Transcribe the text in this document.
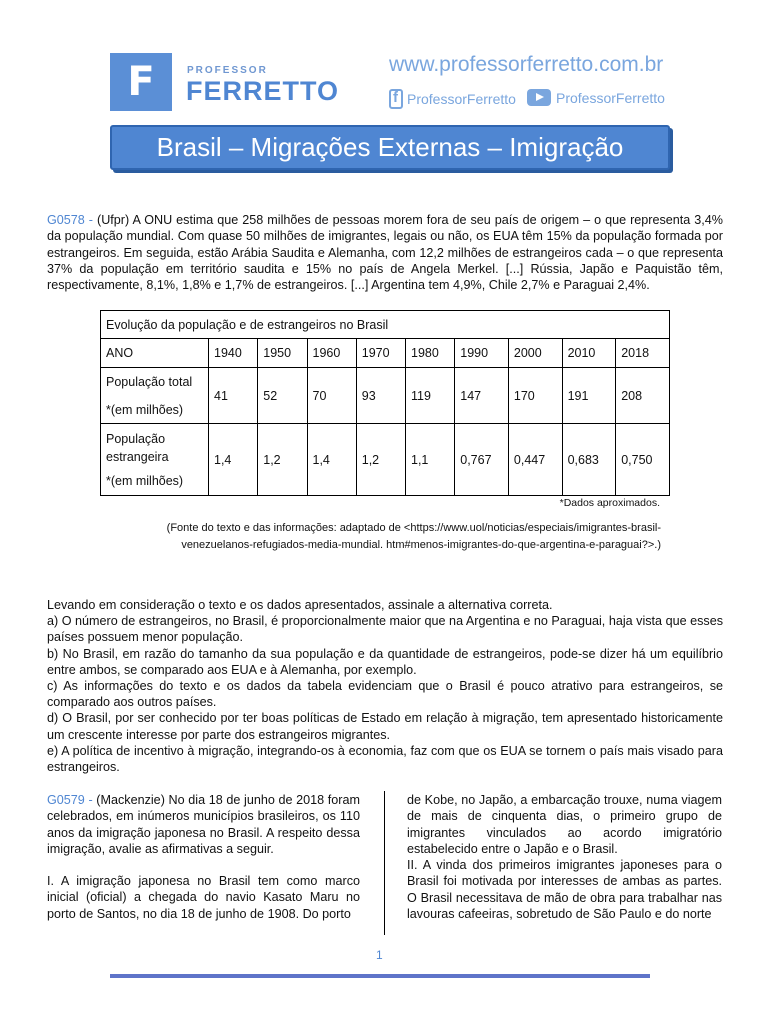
F	PROFESSOR
FERRETTO
www.professorferretto.com.br
f
ProfessorFerretto	ProfessorFerretto
Brasil – Migrações Externas – Imigração
G0578 - (Ufpr) A ONU estima que 258 milhões de pessoas morem fora de seu país de origem – o que representa 3,4% da população mundial. Com quase 50 milhões de imigrantes, legais ou não, os EUA têm 15% da população formada por estrangeiros. Em seguida, estão Arábia Saudita e Alemanha, com 12,2 milhões de estrangeiros cada – o que representa 37% da população em território saudita e 15% no país de Angela Merkel. [...] Rússia, Japão e Paquistão têm, respectivamente, 8,1%, 1,8% e 1,7% de estrangeiros. [...] Argentina tem 4,9%, Chile 2,7% e Paraguai 2,4%.
Evolução da população e de estrangeiros no Brasil									
ANO	1940	1950	1960	1970	1980	1990	2000	2010	2018

População total
*(em milhões)	41	52	70	93	119	147	170	191	208

População
estrangeira
*(em milhões)	1,4	1,2	1,4	1,2	1,1	0,767	0,447	0,683	0,750
*Dados aproximados.
(Fonte do texto e das informações: adaptado de <https://www.uol/noticias/especiais/imigrantes-brasil-
venezuelanos-refugiados-media-mundial. htm#menos-imigrantes-do-que-argentina-e-paraguai?>.)
Levando em consideração o texto e os dados apresentados, assinale a alternativa correta.
a) O número de estrangeiros, no Brasil, é proporcionalmente maior que na Argentina e no Paraguai, haja vista que esses países possuem menor população.
b) No Brasil, em razão do tamanho da sua população e da quantidade de estrangeiros, pode-se dizer há um equilíbrio entre ambos, se comparado aos EUA e à Alemanha, por exemplo.
c) As informações do texto e os dados da tabela evidenciam que o Brasil é pouco atrativo para estrangeiros, se comparado aos outros países.
d) O Brasil, por ser conhecido por ter boas políticas de Estado em relação à migração, tem apresentado historicamente um crescente interesse por parte dos estrangeiros migrantes.
e) A política de incentivo à migração, integrando-os à economia, faz com que os EUA se tornem o país mais visado para estrangeiros.
G0579 - (Mackenzie) No dia 18 de junho de 2018 foram celebrados, em inúmeros municípios brasileiros, os 110 anos da imigração japonesa no Brasil. A respeito dessa imigração, avalie as afirmativas a seguir.
I. A imigração japonesa no Brasil tem como marco inicial (oficial) a chegada do navio Kasato Maru no porto de Santos, no dia 18 de junho de 1908. Do porto
de Kobe, no Japão, a embarcação trouxe, numa viagem de mais de cinquenta dias, o primeiro grupo de imigrantes vinculados ao acordo imigratório estabelecido entre o Japão e o Brasil.
II. A vinda dos primeiros imigrantes japoneses para o Brasil foi motivada por interesses de ambas as partes. O Brasil necessitava de mão de obra para trabalhar nas lavouras cafeeiras, sobretudo de São Paulo e do norte
1
